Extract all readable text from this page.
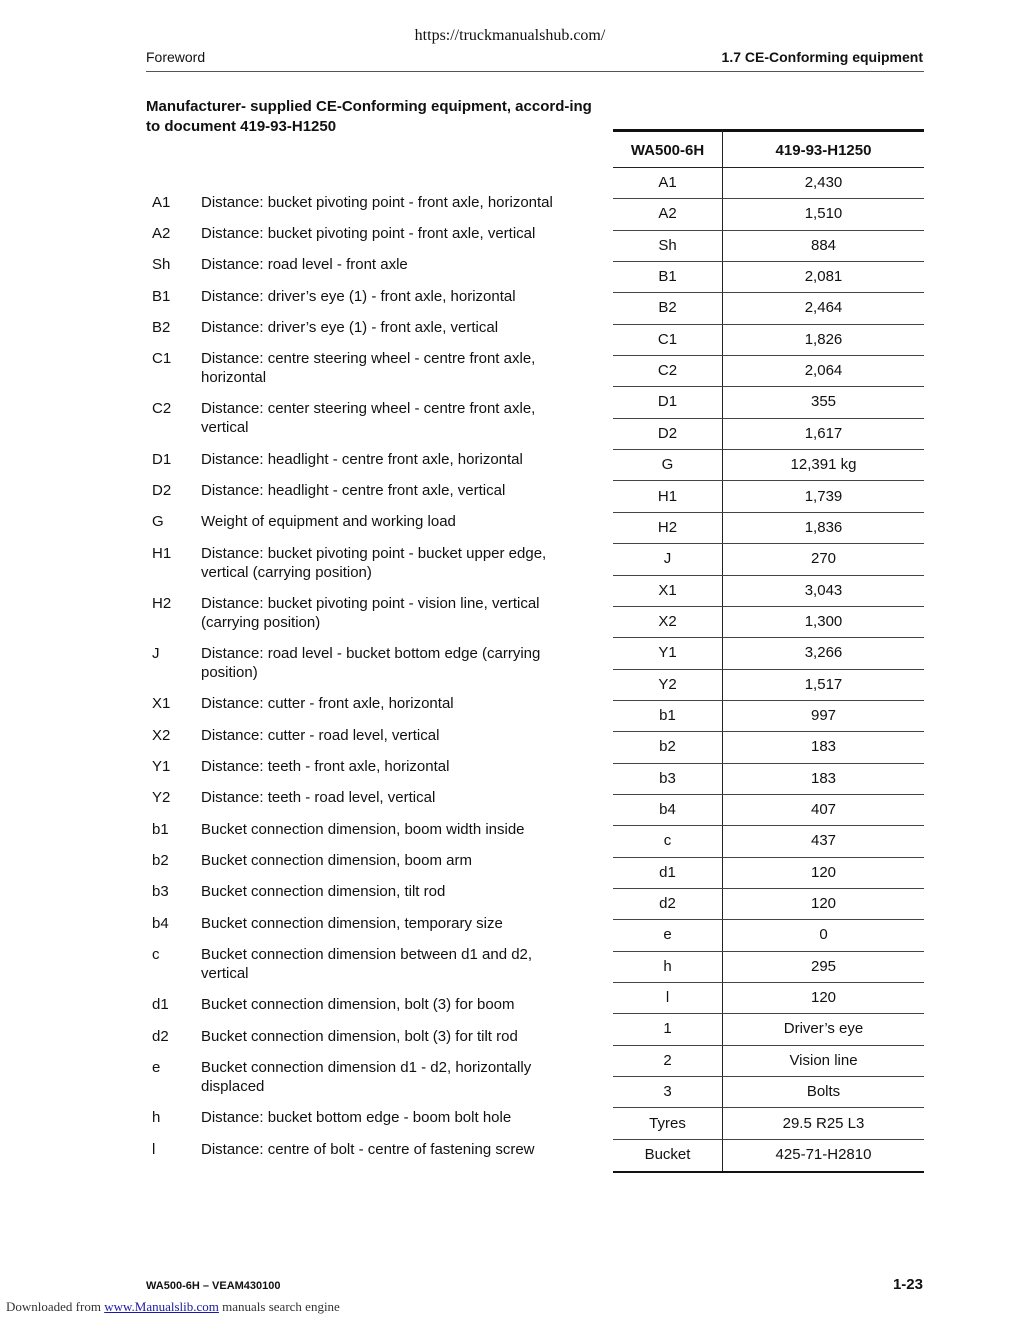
https://truckmanualshub.com/
Foreword	1.7 CE-Conforming equipment
Manufacturer- supplied CE-Conforming equipment, accord-ing to document 419-93-H1250
A1	Distance: bucket pivoting point - front axle, horizontal
A2	Distance: bucket pivoting point - front axle, vertical
Sh	Distance: road level - front axle
B1	Distance: driver’s eye (1) - front axle, horizontal
B2	Distance: driver’s eye (1) - front axle, vertical
C1	Distance: centre steering wheel - centre front axle, horizontal
C2	Distance: center steering wheel - centre front axle, vertical
D1	Distance: headlight - centre front axle, horizontal
D2	Distance: headlight - centre front axle, vertical
G	Weight of equipment and working load
H1	Distance: bucket pivoting point - bucket upper edge, vertical (carrying position)
H2	Distance: bucket pivoting point - vision line, vertical (carrying position)
J	Distance: road level - bucket bottom edge (carrying position)
X1	Distance: cutter - front axle, horizontal
X2	Distance: cutter - road level, vertical
Y1	Distance: teeth - front axle, horizontal
Y2	Distance: teeth - road level, vertical
b1	Bucket connection dimension, boom width inside
b2	Bucket connection dimension, boom arm
b3	Bucket connection dimension, tilt rod
b4	Bucket connection dimension, temporary size
c	Bucket connection dimension between d1 and d2, vertical
d1	Bucket connection dimension, bolt (3) for boom
d2	Bucket connection dimension, bolt (3) for tilt rod
e	Bucket connection dimension d1 - d2, horizontally displaced
h	Distance: bucket bottom edge - boom bolt hole
l	Distance: centre of bolt - centre of fastening screw
WA500-6H	419-93-H1250
A1	2,430
A2	1,510
Sh	884
B1	2,081
B2	2,464
C1	1,826
C2	2,064
D1	355
D2	1,617
G	12,391 kg
H1	1,739
H2	1,836
J	270
X1	3,043
X2	1,300
Y1	3,266
Y2	1,517
b1	997
b2	183
b3	183
b4	407
c	437
d1	120
d2	120
e	0
h	295
l	120
1	Driver’s eye
2	Vision line
3	Bolts
Tyres	29.5 R25 L3
Bucket	425-71-H2810
WA500-6H – VEAM430100	1-23
Downloaded from www.Manualslib.com manuals search engine
